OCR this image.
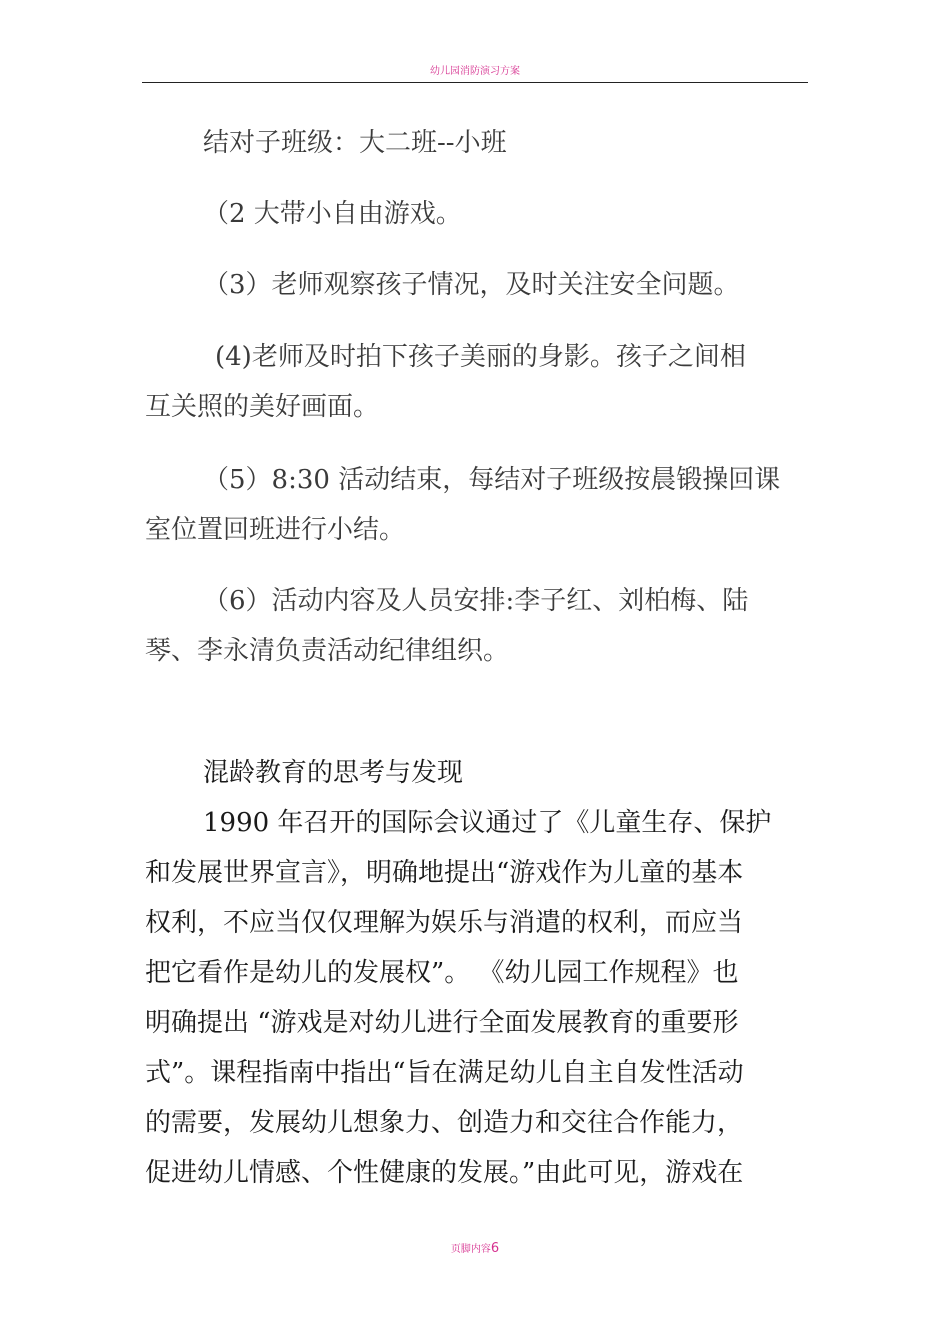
幼儿园消防演习方案

结对子班级：大二班--小班

（2 大带小自由游戏。

（3）老师观察孩子情况，及时关注安全问题。

(4)老师及时拍下孩子美丽的身影。孩子之间相
互关照的美好画面。

（5）8:30 活动结束，每结对子班级按晨锻操回课
室位置回班进行小结。

（6）活动内容及人员安排:李子红、刘柏梅、陆
琴、李永清负责活动纪律组织。

混龄教育的思考与发现

1990 年召开的国际会议通过了《儿童生存、保护
和发展世界宣言》，明确地提出“游戏作为儿童的基本
权利，不应当仅仅理解为娱乐与消遣的权利，而应当
把它看作是幼儿的发展权”。 《幼儿园工作规程》也
明确提出 “游戏是对幼儿进行全面发展教育的重要形
式”。课程指南中指出“旨在满足幼儿自主自发性活动
的需要，发展幼儿想象力、创造力和交往合作能力，
促进幼儿情感、个性健康的发展。”由此可见，游戏在

页脚内容6
